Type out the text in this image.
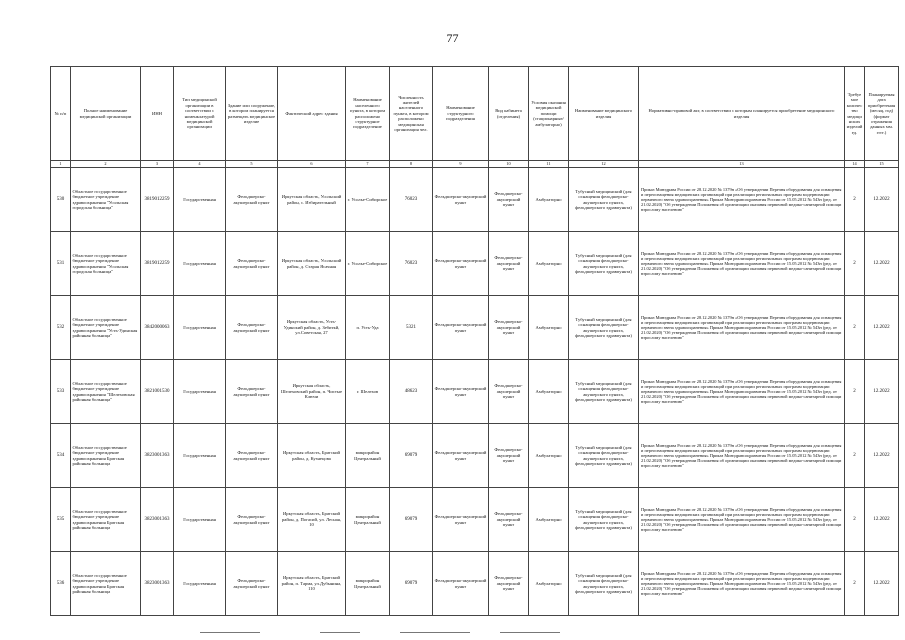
77
№ п/п	Полное наименование медицинской организации	ИНН	Тип медицинской организации в соответствии с номенклатурой медицинской организации	Здание или сооружение, в котором планируется размещать медицинское изделие	Фактический адрес здания	Наименование населенного пункта, в котором расположено структурное подразделение	Численность жителей населенного пункта, в котором расположено медицинская организация чел.	Наименование структурного подразделения	Вид кабинета (отделения)	Условия оказания медицинской помощи (стационарные/амбулаторно)	Наименование медицинского изделия	Нормативно-правовой акт, в соответствии с которым планируется приобретение медицинского изделия	Требуемое количество медицинских изделий ед.	Планируемая дата приобретения (месяц, год) (формат отражения данных мм. гггг.)
1	2	3	4	5	6	7	8	9	10	11	12	13	14	15
530	Областное государственное бюджетное учреждение здравоохранения "Усольская городская больница"	3819012259	Государственная	Фельдшерско-акушерский пункт	Иркутская область, Усольский район, с. Избирательный	г. Усолье-Сибирское	76023	Фельдшерско-акушерский пункт	Фельдшерско-акушерский пункт	Амбулаторно	Тубусный медицинский (для оснащения фельдшерско-акушерского пункта, фельдшерского здравпункта)	Приказ Минздрава России от 28.12.2020 № 1379н «Об утверждении Перечня оборудования для оснащения и переоснащения медицинских организаций при реализации региональных программ модернизации первичного звена здравоохранения» Приказ Минздравсоцразвития России от 15.05.2012 № 543н (ред. от 21.02.2020) "Об утверждении Положения об организации оказания первичной медико-санитарной помощи взрослому населению"	2	12.2022
531	Областное государственное бюджетное учреждение здравоохранения "Усольская городская больница"	3819012259	Государственная	Фельдшерско-акушерский пункт	Иркутская область, Усольский район, д. Старая Ясачная	г. Усолье-Сибирское	76023	Фельдшерско-акушерский пункт	Фельдшерско-акушерский пункт	Амбулаторно	Тубусный медицинский (для оснащения фельдшерско-акушерского пункта, фельдшерского здравпункта)	Приказ Минздрава России от 28.12.2020 № 1379н «Об утверждении Перечня оборудования для оснащения и переоснащения медицинских организаций при реализации региональных программ модернизации первичного звена здравоохранения» Приказ Минздравсоцразвития России от 15.05.2012 № 543н (ред. от 21.02.2020) "Об утверждении Положения об организации оказания первичной медико-санитарной помощи взрослому населению"	2	12.2022
532	Областное государственное бюджетное учреждение здравоохранения "Усть-Удинская районная больница"	3842000063	Государственная	Фельдшерско-акушерский пункт	Иркутская область, Усть-Удинский район, д. Зебиткй, ул.Советская, 27	п. Усть-Уда	5321	Фельдшерско-акушерский пункт	Фельдшерско-акушерский пункт	Амбулаторно	Тубусный медицинский (для оснащения фельдшерско-акушерского пункта, фельдшерского здравпункта)	Приказ Минздрава России от 28.12.2020 № 1379н «Об утверждении Перечня оборудования для оснащения и переоснащения медицинских организаций при реализации региональных программ модернизации первичного звена здравоохранения» Приказ Минздравсоцразвития России от 15.05.2012 № 543н (ред. от 21.02.2020) "Об утверждении Положения об организации оказания первичной медико-санитарной помощи взрослому населению"	2	12.2022
533	Областное государственное бюджетное учреждение здравоохранения "Шелеховская районная больница"	3821001530	Государственная	Фельдшерско-акушерский пункт	Иркутская область, Шелеховский район, п. Чистые Ключи	г. Шелехов	48623	Фельдшерско-акушерский пункт	Фельдшерско-акушерский пункт	Амбулаторно	Тубусный медицинский (для оснащения фельдшерско-акушерского пункта, фельдшерского здравпункта)	Приказ Минздрава России от 28.12.2020 № 1379н «Об утверждении Перечня оборудования для оснащения и переоснащения медицинских организаций при реализации региональных программ модернизации первичного звена здравоохранения» Приказ Минздравсоцразвития России от 15.05.2012 № 543н (ред. от 21.02.2020) "Об утверждении Положения об организации оказания первичной медико-санитарной помощи взрослому населению"	2	12.2022
534	Областное государственное бюджетное учреждение здравоохранения Братская районная больница	3823001363	Государственная	Фельдшерско-акушерский пункт	Иркутская область, Братский район, д. Кузнецова	микрорайон Центральный	69079	Фельдшерско-акушерский пункт	Фельдшерско-акушерский пункт	Амбулаторно	Тубусный медицинский (для оснащения фельдшерско-акушерского пункта, фельдшерского здравпункта)	Приказ Минздрава России от 28.12.2020 № 1379н «Об утверждении Перечня оборудования для оснащения и переоснащения медицинских организаций при реализации региональных программ модернизации первичного звена здравоохранения» Приказ Минздравсоцразвития России от 15.05.2012 № 543н (ред. от 21.02.2020) "Об утверждении Положения об организации оказания первичной медико-санитарной помощи взрослому населению"	2	12.2022
535	Областное государственное бюджетное учреждение здравоохранения Братская районная больница	3823001363	Государственная	Фельдшерско-акушерский пункт	Иркутская область, Братский район, д. Погасий, ул. Лесная, 10	микрорайон Центральный	69079	Фельдшерско-акушерский пункт	Фельдшерско-акушерский пункт	Амбулаторно	Тубусный медицинский (для оснащения фельдшерско-акушерского пункта, фельдшерского здравпункта)	Приказ Минздрава России от 28.12.2020 № 1379н «Об утверждении Перечня оборудования для оснащения и переоснащения медицинских организаций при реализации региональных программ модернизации первичного звена здравоохранения» Приказ Минздравсоцразвития России от 15.05.2012 № 543н (ред. от 21.02.2020) "Об утверждении Положения об организации оказания первичной медико-санитарной помощи взрослому населению"	2	12.2022
536	Областное государственное бюджетное учреждение здравоохранения Братская районная больница	3823001363	Государственная	Фельдшерско-акушерский пункт	Иркутская область, Братский район, п. Тарма, ул.Дубынина, 110	микрорайон Центральный	69079	Фельдшерско-акушерский пункт	Фельдшерско-акушерский пункт	Амбулаторно	Тубусный медицинский (для оснащения фельдшерско-акушерского пункта, фельдшерского здравпункта)	Приказ Минздрава России от 28.12.2020 № 1379н «Об утверждении Перечня оборудования для оснащения и переоснащения медицинских организаций при реализации региональных программ модернизации первичного звена здравоохранения» Приказ Минздравсоцразвития России от 15.05.2012 № 543н (ред. от 21.02.2020) "Об утверждении Положения об организации оказания первичной медико-санитарной помощи взрослому населению"	2	12.2022
